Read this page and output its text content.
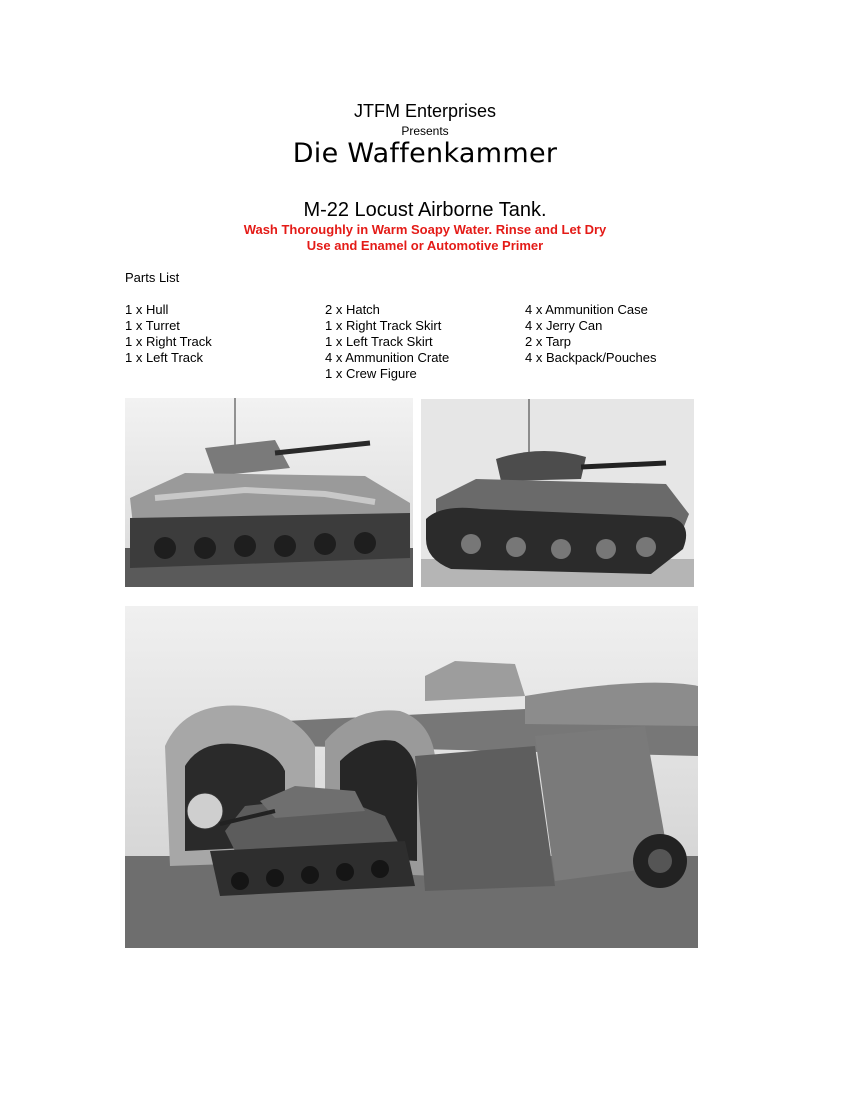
JTFM Enterprises
Presents
Die Waffenkammer
M-22 Locust Airborne Tank.
Wash Thoroughly in Warm Soapy Water. Rinse and Let Dry
Use and Enamel or Automotive Primer
Parts List
1 x Hull
1 x Turret
1 x Right Track
1 x Left Track
2 x Hatch
1 x Right Track Skirt
1 x Left Track Skirt
4 x Ammunition Crate
1 x Crew Figure
4 x Ammunition Case
4 x Jerry Can
2 x Tarp
4 x Backpack/Pouches
